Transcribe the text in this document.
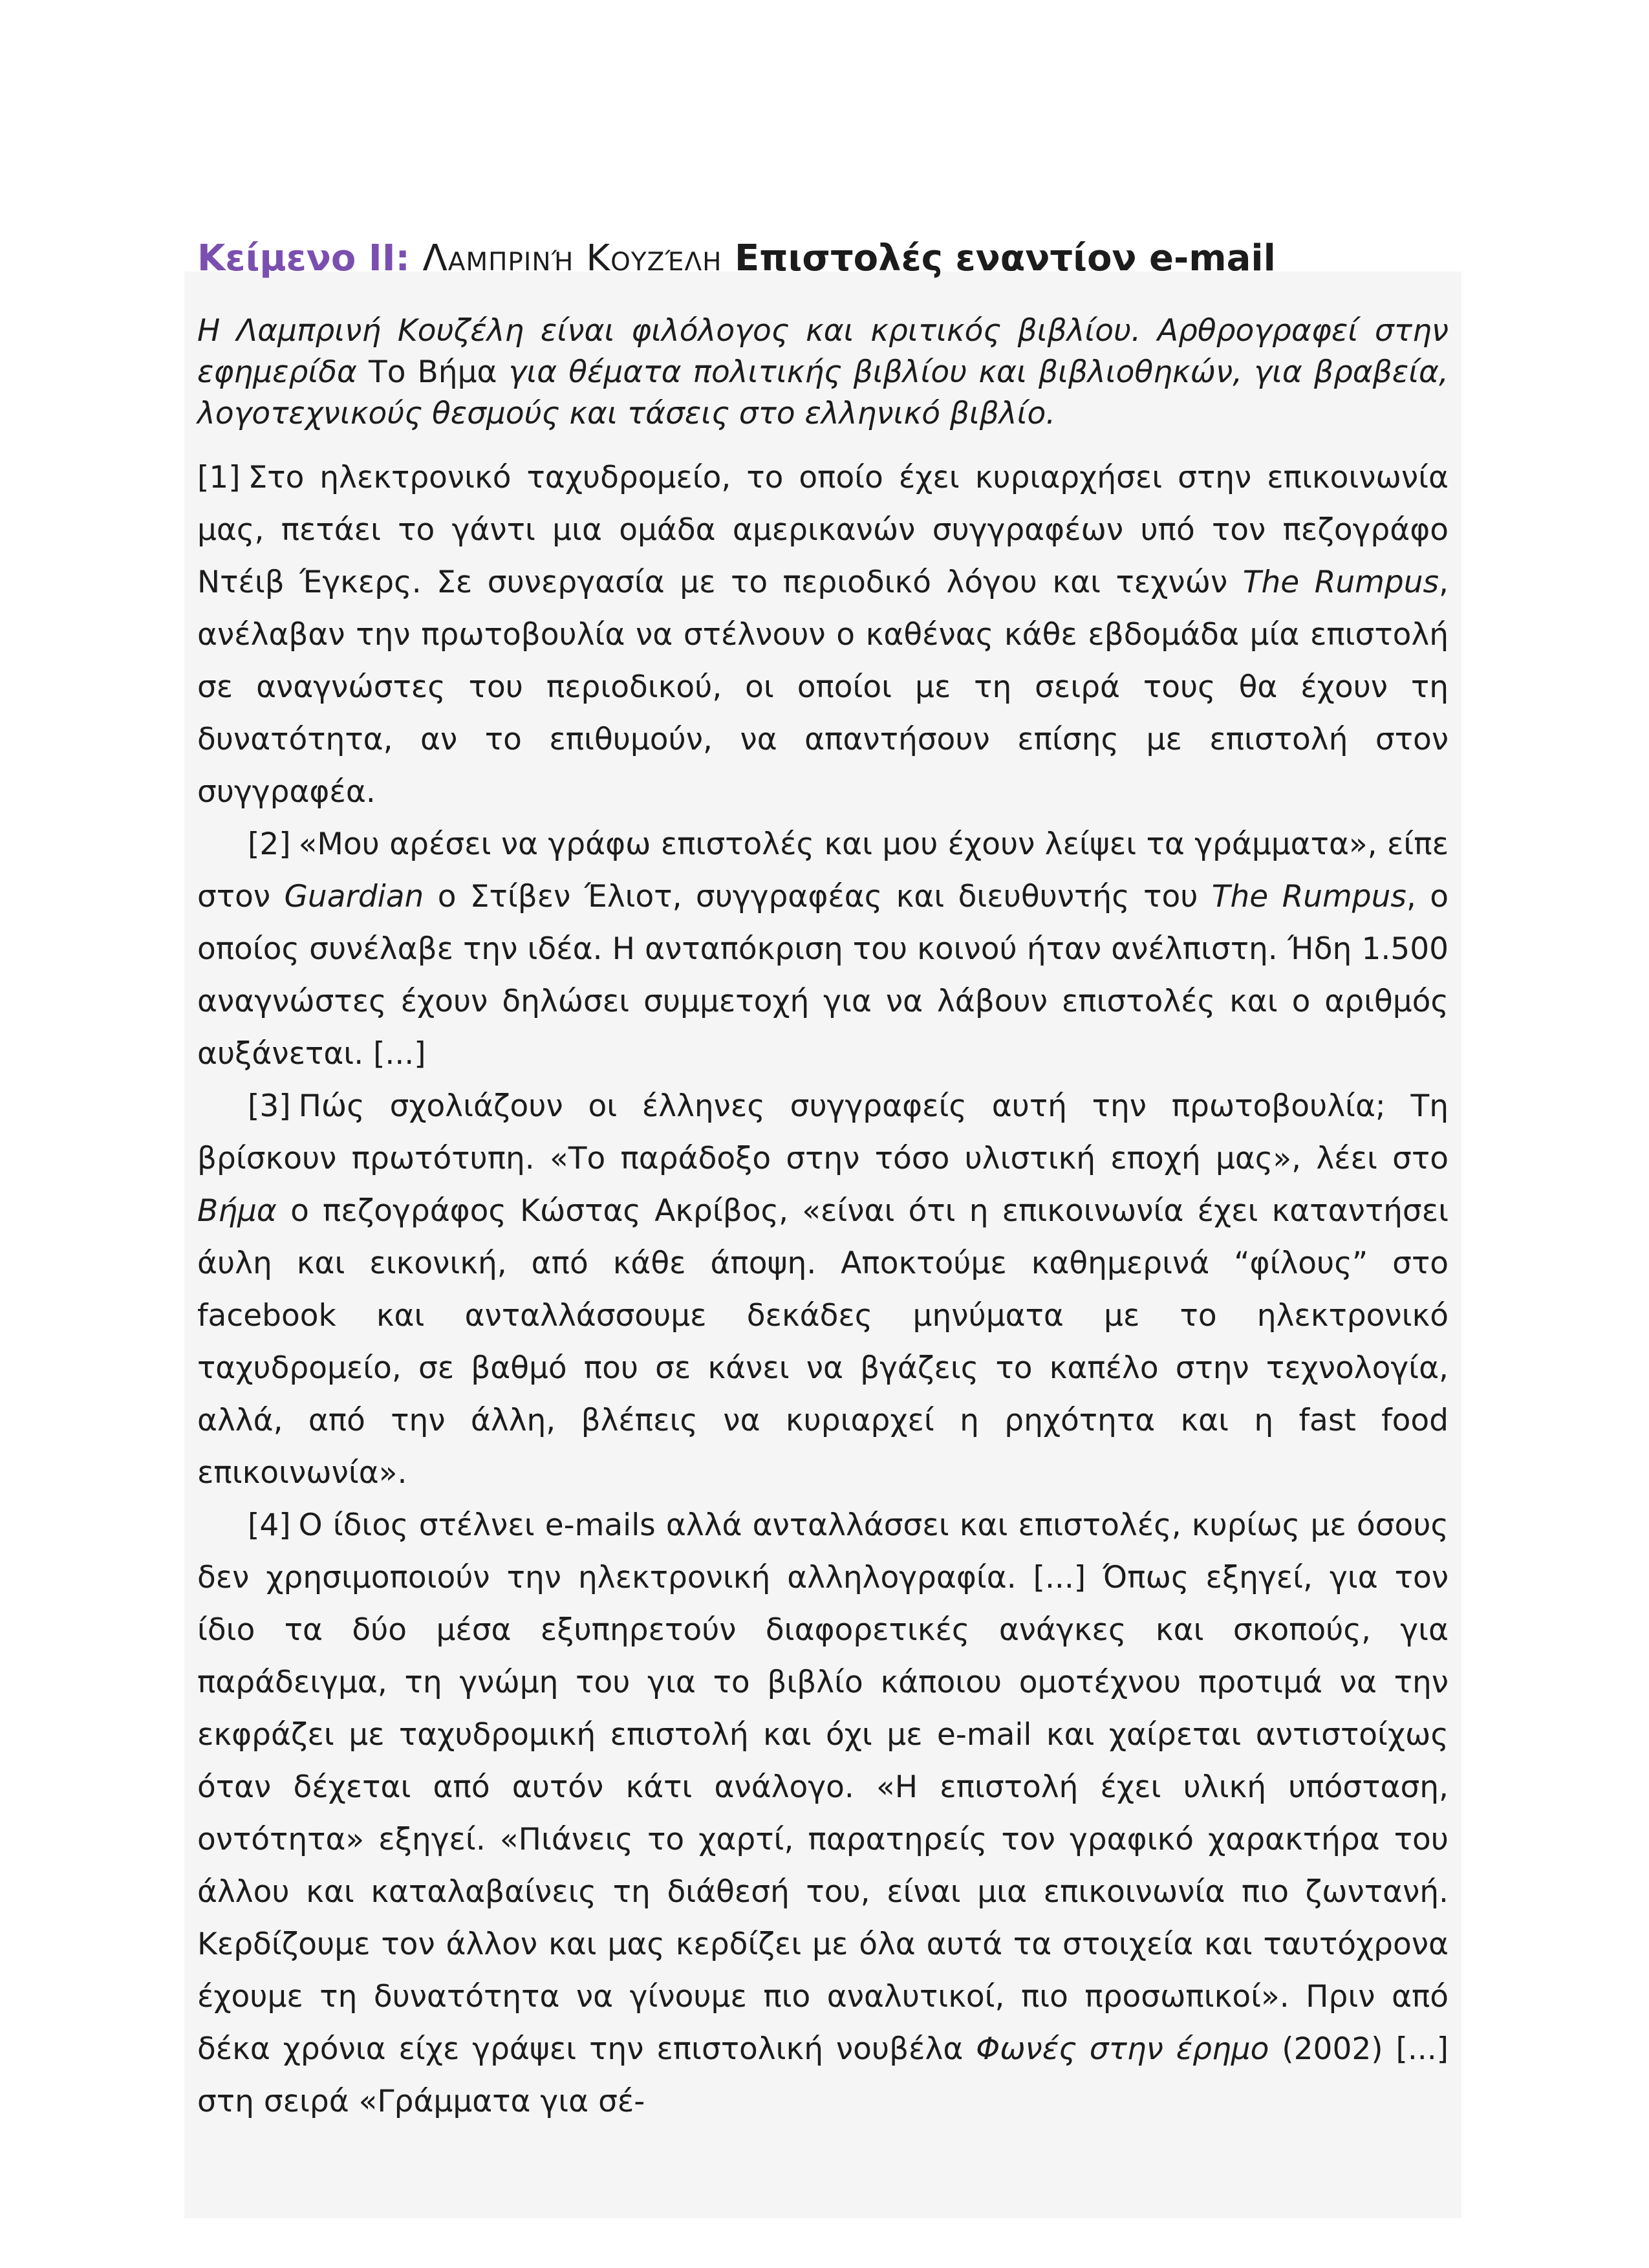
Κείμενο ΙΙ: Λαμπρινή Κουζέλη Επιστολές εναντίον e-mail

Η Λαμπρινή Κουζέλη είναι φιλόλογος και κριτικός βιβλίου. Αρθρογραφεί στην εφημερίδα Το Βήμα για θέματα πολιτικής βιβλίου και βιβλιοθηκών, για βραβεία, λογοτεχνικούς θεσμούς και τάσεις στο ελληνικό βιβλίο.

[1] Στο ηλεκτρονικό ταχυδρομείο, το οποίο έχει κυριαρχήσει στην επικοινωνία μας, πετάει το γάντι μια ομάδα αμερικανών συγγραφέων υπό τον πεζογράφο Ντέιβ Έγκερς. Σε συνεργασία με το περιοδικό λόγου και τεχνών The Rumpus, ανέλαβαν την πρωτοβουλία να στέλνουν ο καθένας κάθε εβδομάδα μία επιστολή σε αναγνώστες του περιοδικού, οι οποίοι με τη σειρά τους θα έχουν τη δυνατότητα, αν το επιθυμούν, να απαντήσουν επίσης με επιστολή στον συγγραφέα.

[2] «Μου αρέσει να γράφω επιστολές και μου έχουν λείψει τα γράμματα», είπε στον Guardian ο Στίβεν Έλιοτ, συγγραφέας και διευθυντής του The Rumpus, ο οποίος συνέλαβε την ιδέα. Η ανταπόκριση του κοινού ήταν ανέλπιστη. Ήδη 1.500 αναγνώστες έχουν δηλώσει συμμετοχή για να λάβουν επιστολές και ο αριθμός αυξάνεται. [...]

[3] Πώς σχολιάζουν οι έλληνες συγγραφείς αυτή την πρωτοβουλία; Τη βρίσκουν πρωτότυπη. «Το παράδοξο στην τόσο υλιστική εποχή μας», λέει στο Βήμα ο πεζογράφος Κώστας Ακρίβος, «είναι ότι η επικοινωνία έχει καταντήσει άυλη και εικονική, από κάθε άποψη. Αποκτούμε καθημερινά “φίλους” στο facebook και ανταλλάσσουμε δεκάδες μηνύματα με το ηλεκτρονικό ταχυδρομείο, σε βαθμό που σε κάνει να βγάζεις το καπέλο στην τεχνολογία, αλλά, από την άλλη, βλέπεις να κυριαρχεί η ρηχότητα και η fast food επικοινωνία».

[4] Ο ίδιος στέλνει e-mails αλλά ανταλλάσσει και επιστολές, κυρίως με όσους δεν χρησιμοποιούν την ηλεκτρονική αλληλογραφία. [...] Όπως εξηγεί, για τον ίδιο τα δύο μέσα εξυπηρετούν διαφορετικές ανάγκες και σκοπούς, για παράδειγμα, τη γνώμη του για το βιβλίο κάποιου ομοτέχνου προτιμά να την εκφράζει με ταχυδρομική επιστολή και όχι με e-mail και χαίρεται αντιστοίχως όταν δέχεται από αυτόν κάτι ανάλογο. «Η επιστολή έχει υλική υπόσταση, οντότητα» εξηγεί. «Πιάνεις το χαρτί, παρατηρείς τον γραφικό χαρακτήρα του άλλου και καταλαβαίνεις τη διάθεσή του, είναι μια επικοινωνία πιο ζωντανή. Κερδίζουμε τον άλλον και μας κερδίζει με όλα αυτά τα στοιχεία και ταυτόχρονα έχουμε τη δυνατότητα να γίνουμε πιο αναλυτικοί, πιο προσωπικοί». Πριν από δέκα χρόνια είχε γράψει την επιστολική νουβέλα Φωνές στην έρημο (2002) [...] στη σειρά «Γράμματα για σέ-
